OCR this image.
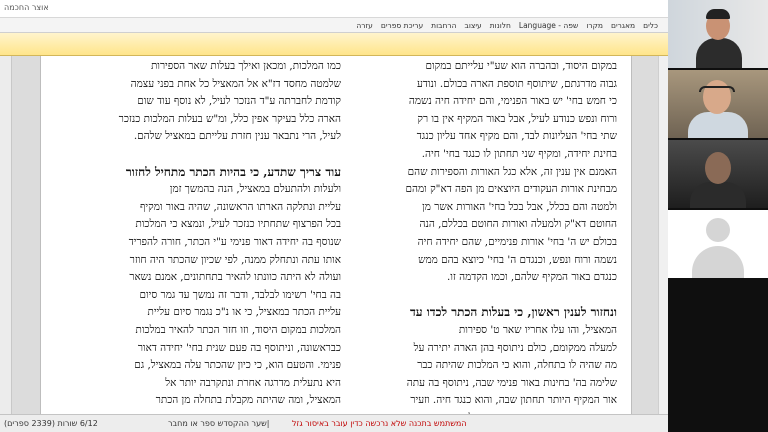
אוצר החכמה
כלים
מאגרים
מקרו
Language - שפה
חלונות
עיצוב
הרחבות
עריכת ספרים
עזרה

במקום היסוד, ובהברה הוא שע"י עלייתם במקום

גבוה מדרגתם, שיתוסף תוספת הארה בכולם. ונודע

כי חמש בחי' יש באור הפנימי, והם יחידה חיה נשמה

ורוח ונפש כנודע לעיל, אבל באור המקיף אין בו רק

שתי בחי' העליונות לבד, והם מקיף אחד עליון כנגד

בחינת יחידה, ומקיף שני תחתון לו כנגד בחי' חיה.

האמנם אין ענין זה, אלא כגל האורות והספירות שהם

מבחינת אורות העקודים היוצאים מן הפה דא"ק ומהם

ולמטה והם בכלל, אבל בכל בחי' האורות אשר מן

החוטם דא"ק ולמעלה ואורות החוטם בכללם, הנה

בכולם יש ה' בחי' אורות פנימיים, שהם יחידה חיה

נשמה ורוח ונפש, וכנגדם ה' בחי' כיוצא בהם ממש

כנגדם באור המקיף שלהם, וכמו הקדמה זו.

ונחזור לענין ראשון, כי בעלות הכתר לכדו עד

המאציל, והו עלו אחריו שאר ט' ספירות

למעלה ממקומם, כולם ניתוסף בהן הארה יתירה על

מה שהיה לו בתחלה, והוא כי המלכות שהיתה כבר

שלימה בה' בחינות באור פנימי שבה, ניתוסף בה עתה

אור המקיף היותר תחתון שבה, והוא כנגד חיה. וזעיר

כמו המלכות, ומכאן ואילך בעלות שאר הספירות

שלמטה מחסד דז"א אל המאציל כל אחת בפני עצמה

קודמת לחברתה ע"ד הנזכר לעיל, לא נוסף עוד שום

הארה כלל בעיקר אפין כלל, ומ"ש בעלות המלכות כנזכר

לעיל, הרי נתבאר ענין חזרת עלייתם במאציל שלהם.

עוד צריך שתדע, כי בהיות הכתר מתחיל לחזור

ולעלות ולהתעלם במאציל, הנה בהמשך זמן

עליית ונתלקה הארתו הראשונה, שהיה באור ומקיף

בכל הפרצוף שתחתיו כנזכר לעיל, ונמצא כי המלכות

שנוסף בה יחידה דאור פנימי ע"י הכתר, חורה להפריד

אותו עתה ונתחלק ממנה, לפי שכיון שהכתר היה חוזר

ועולה לא היתה כוונתו להאיר בתחתונים, אמנם נשאר

בה בחי' רשימו לבלבד, ודבר זה נמשך עד גמר סיום

עליית הכתר במאציל, כי או נ"כ נגמר סיום עליית

המלכות במקום היסוד, וזו חזר הכתר להאיר במלכות

כבראשונה, וניתוסף בה פעם שנית בחי' יחידה דאור

פנימי. והטעם הוא, כי כיון שהכתר עלה במאציל, גם

היא נתעלית מדרגה אחרת ונתקרבה יותר אל

המאציל, ומה שהיתה מקבלת בתחלה מן הכתר

6/12 שורות (2339 ספרים)	|שער ההקסדש ספר או מחבר	המשתמש בתכנה שלא נרכשה כדין עובר באיסור גזל
